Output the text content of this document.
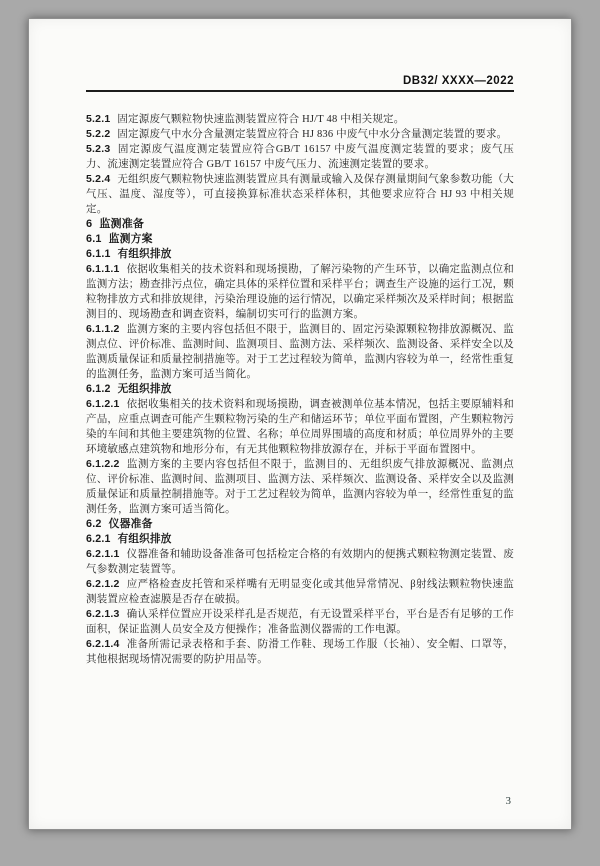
DB32/ XXXX—2022

5.2.1 固定源废气颗粒物快速监测装置应符合 HJ/T 48 中相关规定。

5.2.2 固定源废气中水分含量测定装置应符合 HJ 836 中废气中水分含量测定装置的要求。

5.2.3 固定源废气温度测定装置应符合GB/T 16157 中废气温度测定装置的要求；废气压力、流速测定装置应符合 GB/T 16157 中废气压力、流速测定装置的要求。

5.2.4 无组织废气颗粒物快速监测装置应具有测量或输入及保存测量期间气象参数功能（大气压、温度、湿度等），可直接换算标准状态采样体积，其他要求应符合 HJ 93 中相关规定。

6 监测准备
6.1 监测方案
6.1.1 有组织排放

6.1.1.1 依据收集相关的技术资料和现场摸勘，了解污染物的产生环节，以确定监测点位和监测方法；勘查排污点位，确定具体的采样位置和采样平台；调查生产设施的运行工况，颗粒物排放方式和排放规律，污染治理设施的运行情况，以确定采样频次及采样时间；根据监测目的、现场勘查和调查资料，编制切实可行的监测方案。

6.1.1.2 监测方案的主要内容包括但不限于，监测目的、固定污染源颗粒物排放源概况、监测点位、评价标准、监测时间、监测项目、监测方法、采样频次、监测设备、采样安全以及监测质量保证和质量控制措施等。对于工艺过程较为简单，监测内容较为单一，经常性重复的监测任务，监测方案可适当简化。

6.1.2 无组织排放

6.1.2.1 依据收集相关的技术资料和现场摸勘，调查被测单位基本情况，包括主要原辅料和产品，应重点调查可能产生颗粒物污染的生产和储运环节；单位平面布置图，产生颗粒物污染的车间和其他主要建筑物的位置、名称；单位周界围墙的高度和材质；单位周界外的主要环境敏感点建筑物和地形分布，有无其他颗粒物排放源存在，并标于平面布置图中。

6.1.2.2 监测方案的主要内容包括但不限于，监测目的、无组织废气排放源概况、监测点位、评价标准、监测时间、监测项目、监测方法、采样频次、监测设备、采样安全以及监测质量保证和质量控制措施等。对于工艺过程较为简单，监测内容较为单一，经常性重复的监测任务，监测方案可适当简化。

6.2 仪器准备
6.2.1 有组织排放

6.2.1.1 仪器准备和辅助设备准备可包括检定合格的有效期内的便携式颗粒物测定装置、废气参数测定装置等。

6.2.1.2 应严格检查皮托管和采样嘴有无明显变化或其他异常情况、β射线法颗粒物快速监测装置应检查滤膜是否存在破损。

6.2.1.3 确认采样位置应开设采样孔是否规范，有无设置采样平台，平台是否有足够的工作面积，保证监测人员安全及方便操作；准备监测仪器需的工作电源。

6.2.1.4 准备所需记录表格和手套、防滑工作鞋、现场工作服（长袖）、安全帽、口罩等，其他根据现场情况需要的防护用品等。

3
